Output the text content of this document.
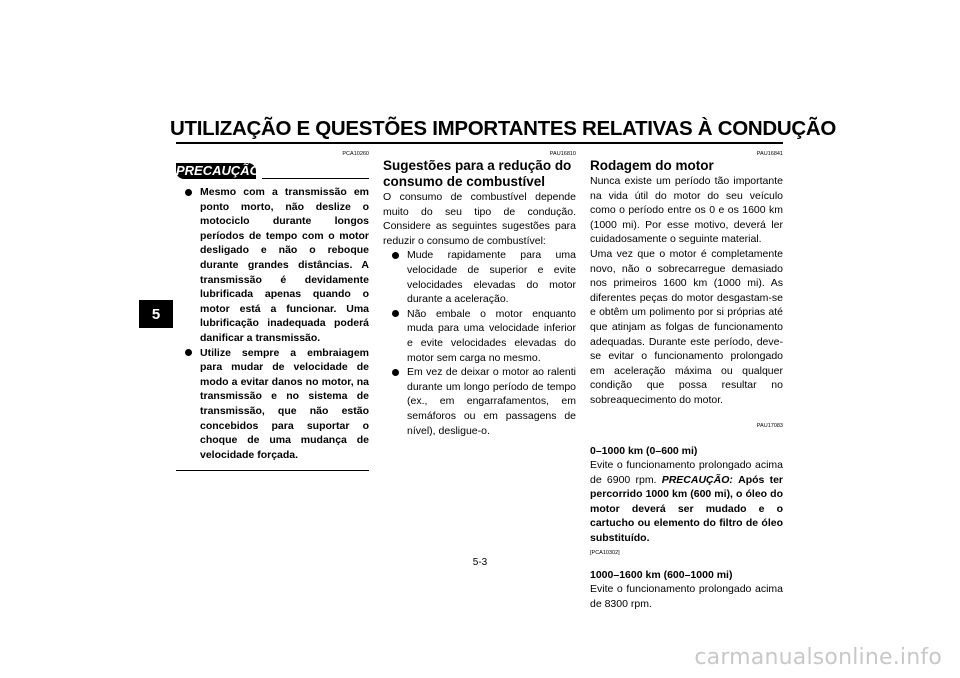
UTILIZAÇÃO E QUESTÕES IMPORTANTES RELATIVAS À CONDUÇÃO
5
PCA10260
PRECAUÇÃO
Mesmo com a transmissão em ponto morto, não deslize o motociclo durante longos períodos de tempo com o motor desligado e não o reboque durante grandes distâncias. A transmissão é devidamente lubrificada apenas quando o motor está a funcionar. Uma lubrificação inadequada poderá danificar a transmissão.
Utilize sempre a embraiagem para mudar de velocidade de modo a evitar danos no motor, na transmissão e no sistema de transmissão, que não estão concebidos para suportar o choque de uma mudança de velocidade forçada.
PAU16810
Sugestões para a redução do consumo de combustível

O consumo de combustível depende muito do seu tipo de condução. Considere as seguintes sugestões para reduzir o consumo de combustível:

Mude rapidamente para uma velocidade de superior e evite velocidades elevadas do motor durante a aceleração.
Não embale o motor enquanto muda para uma velocidade inferior e evite velocidades elevadas do motor sem carga no mesmo.
Em vez de deixar o motor ao ralenti durante um longo período de tempo (ex., em engarrafamentos, em semáforos ou em passagens de nível), desligue-o.
PAU16841
Rodagem do motor

Nunca existe um período tão importante na vida útil do motor do seu veículo como o período entre os 0 e os 1600 km (1000 mi). Por esse motivo, deverá ler cuidadosamente o seguinte material.

Uma vez que o motor é completamente novo, não o sobrecarregue demasiado nos primeiros 1600 km (1000 mi). As diferentes peças do motor desgastam-se e obtêm um polimento por si próprias até que atinjam as folgas de funcionamento adequadas. Durante este período, deve-se evitar o funcionamento prolongado em aceleração máxima ou qualquer condição que possa resultar no sobreaquecimento do motor.

PAU17083
0–1000 km (0–600 mi)

Evite o funcionamento prolongado acima de 6900 rpm. PRECAUÇÃO: Após ter percorrido 1000 km (600 mi), o óleo do motor deverá ser mudado e o cartucho ou elemento do filtro de óleo substituído.

[PCA10302]
1000–1600 km (600–1000 mi)

Evite o funcionamento prolongado acima de 8300 rpm.

5-3
carmanualsonline.info
